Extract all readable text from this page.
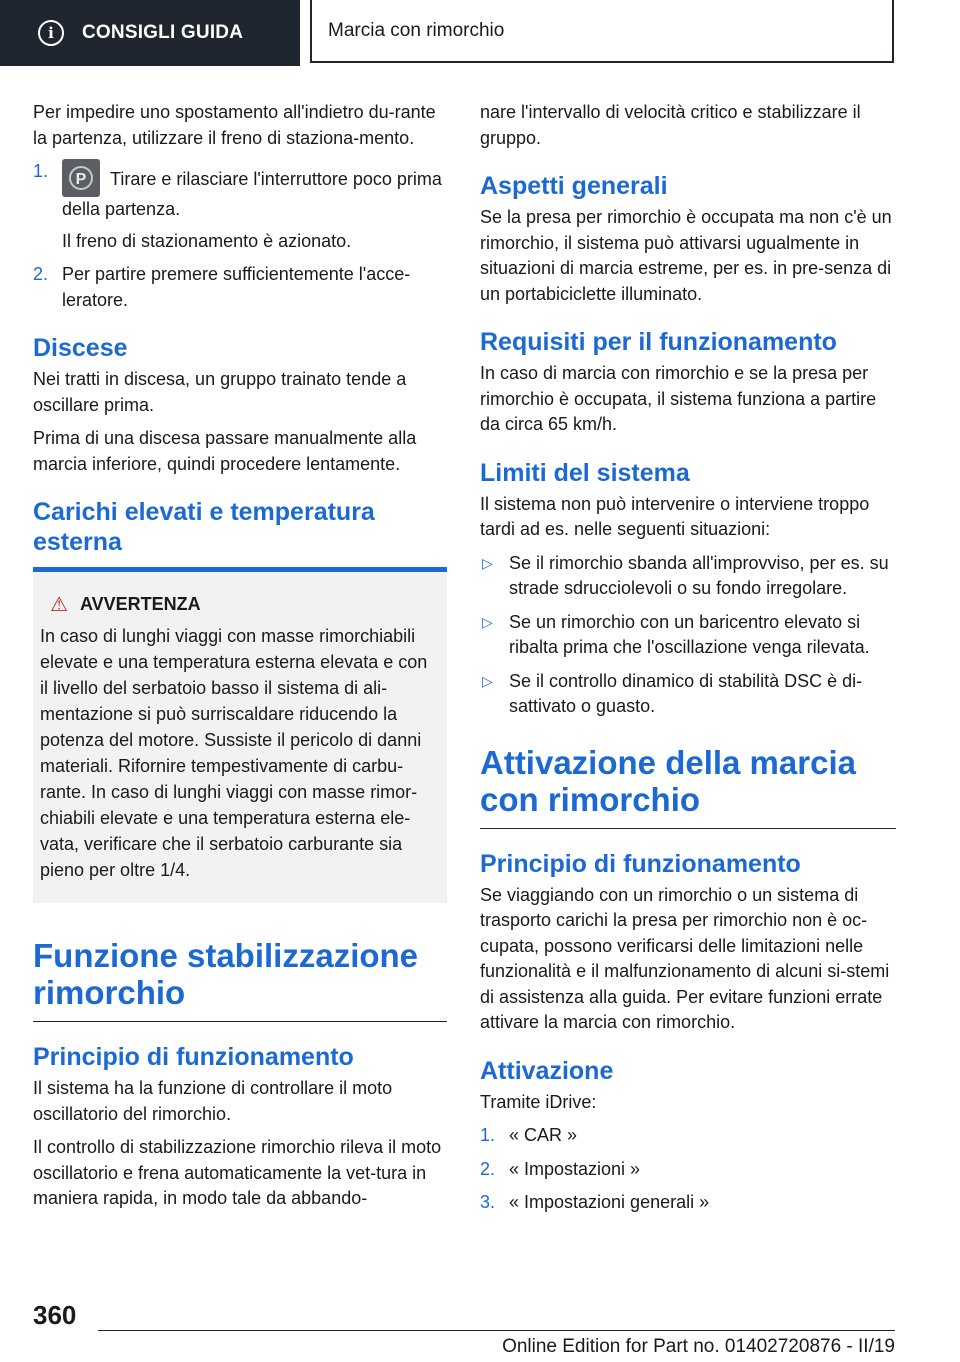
i	CONSIGLI GUIDA	Marcia con rimorchio

Per impedire uno spostamento all'indietro du-rante la partenza, utilizzare il freno di staziona-mento.

1.
P	Tirare e rilasciare l'interruttore poco prima della partenza.
Il freno di stazionamento è azionato.
2. Per partire premere sufficientemente l'acce-leratore.
Discese

Nei tratti in discesa, un gruppo trainato tende a oscillare prima.

Prima di una discesa passare manualmente alla marcia inferiore, quindi procedere lentamente.

Carichi elevati e temperatura esterna
⚠ AVVERTENZA

In caso di lunghi viaggi con masse rimorchiabili elevate e una temperatura esterna elevata e con il livello del serbatoio basso il sistema di ali-mentazione si può surriscaldare riducendo la potenza del motore. Sussiste il pericolo di danni materiali. Rifornire tempestivamente di carbu-rante. In caso di lunghi viaggi con masse rimor-chiabili elevate e una temperatura esterna ele-vata, verificare che il serbatoio carburante sia pieno per oltre 1/4.

Funzione stabilizzazione rimorchio
Principio di funzionamento

Il sistema ha la funzione di controllare il moto oscillatorio del rimorchio.

Il controllo di stabilizzazione rimorchio rileva il moto oscillatorio e frena automaticamente la vet-tura in maniera rapida, in modo tale da abbando-

nare l'intervallo di velocità critico e stabilizzare il gruppo.

Aspetti generali

Se la presa per rimorchio è occupata ma non c'è un rimorchio, il sistema può attivarsi ugualmente in situazioni di marcia estreme, per es. in pre-senza di un portabiciclette illuminato.

Requisiti per il funzionamento

In caso di marcia con rimorchio e se la presa per rimorchio è occupata, il sistema funziona a partire da circa 65 km/h.

Limiti del sistema

Il sistema non può intervenire o interviene troppo tardi ad es. nelle seguenti situazioni:

▷ Se il rimorchio sbanda all'improvviso, per es. su strade sdrucciolevoli o su fondo irregolare.
▷ Se un rimorchio con un baricentro elevato si ribalta prima che l'oscillazione venga rilevata.
▷ Se il controllo dinamico di stabilità DSC è di-sattivato o guasto.
Attivazione della marcia con rimorchio
Principio di funzionamento

Se viaggiando con un rimorchio o un sistema di trasporto carichi la presa per rimorchio non è oc-cupata, possono verificarsi delle limitazioni nelle funzionalità e il malfunzionamento di alcuni si-stemi di assistenza alla guida. Per evitare funzioni errate attivare la marcia con rimorchio.

Attivazione

Tramite iDrive:

1. « CAR »
2. « Impostazioni »
3. « Impostazioni generali »
360
Online Edition for Part no. 01402720876 - II/19
